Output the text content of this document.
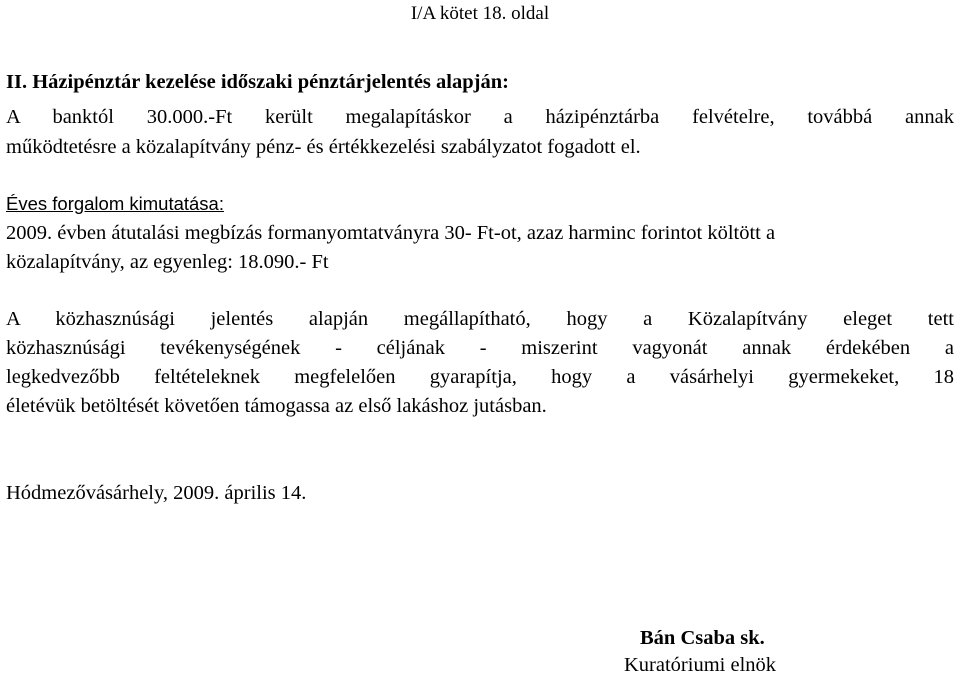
I/A kötet 18. oldal
II. Házipénztár kezelése időszaki pénztárjelentés alapján:
A banktól 30.000.-Ft került megalapításkor a házipénztárba felvételre, továbbá annak
működtetésre a közalapítvány pénz- és értékkezelési szabályzatot fogadott el.
Éves forgalom kimutatása:
2009. évben átutalási megbízás formanyomtatványra 30- Ft-ot, azaz harminc forintot költött a
közalapítvány, az egyenleg: 18.090.- Ft
A közhasznúsági jelentés alapján megállapítható, hogy a Közalapítvány eleget tett
közhasznúsági tevékenységének - céljának - miszerint vagyonát annak érdekében a
legkedvezőbb feltételeknek megfelelően gyarapítja, hogy a vásárhelyi gyermekeket, 18
életévük betöltését követően támogassa az első lakáshoz jutásban.
Hódmezővásárhely, 2009. április 14.
Bán Csaba sk.
Kuratóriumi elnök
